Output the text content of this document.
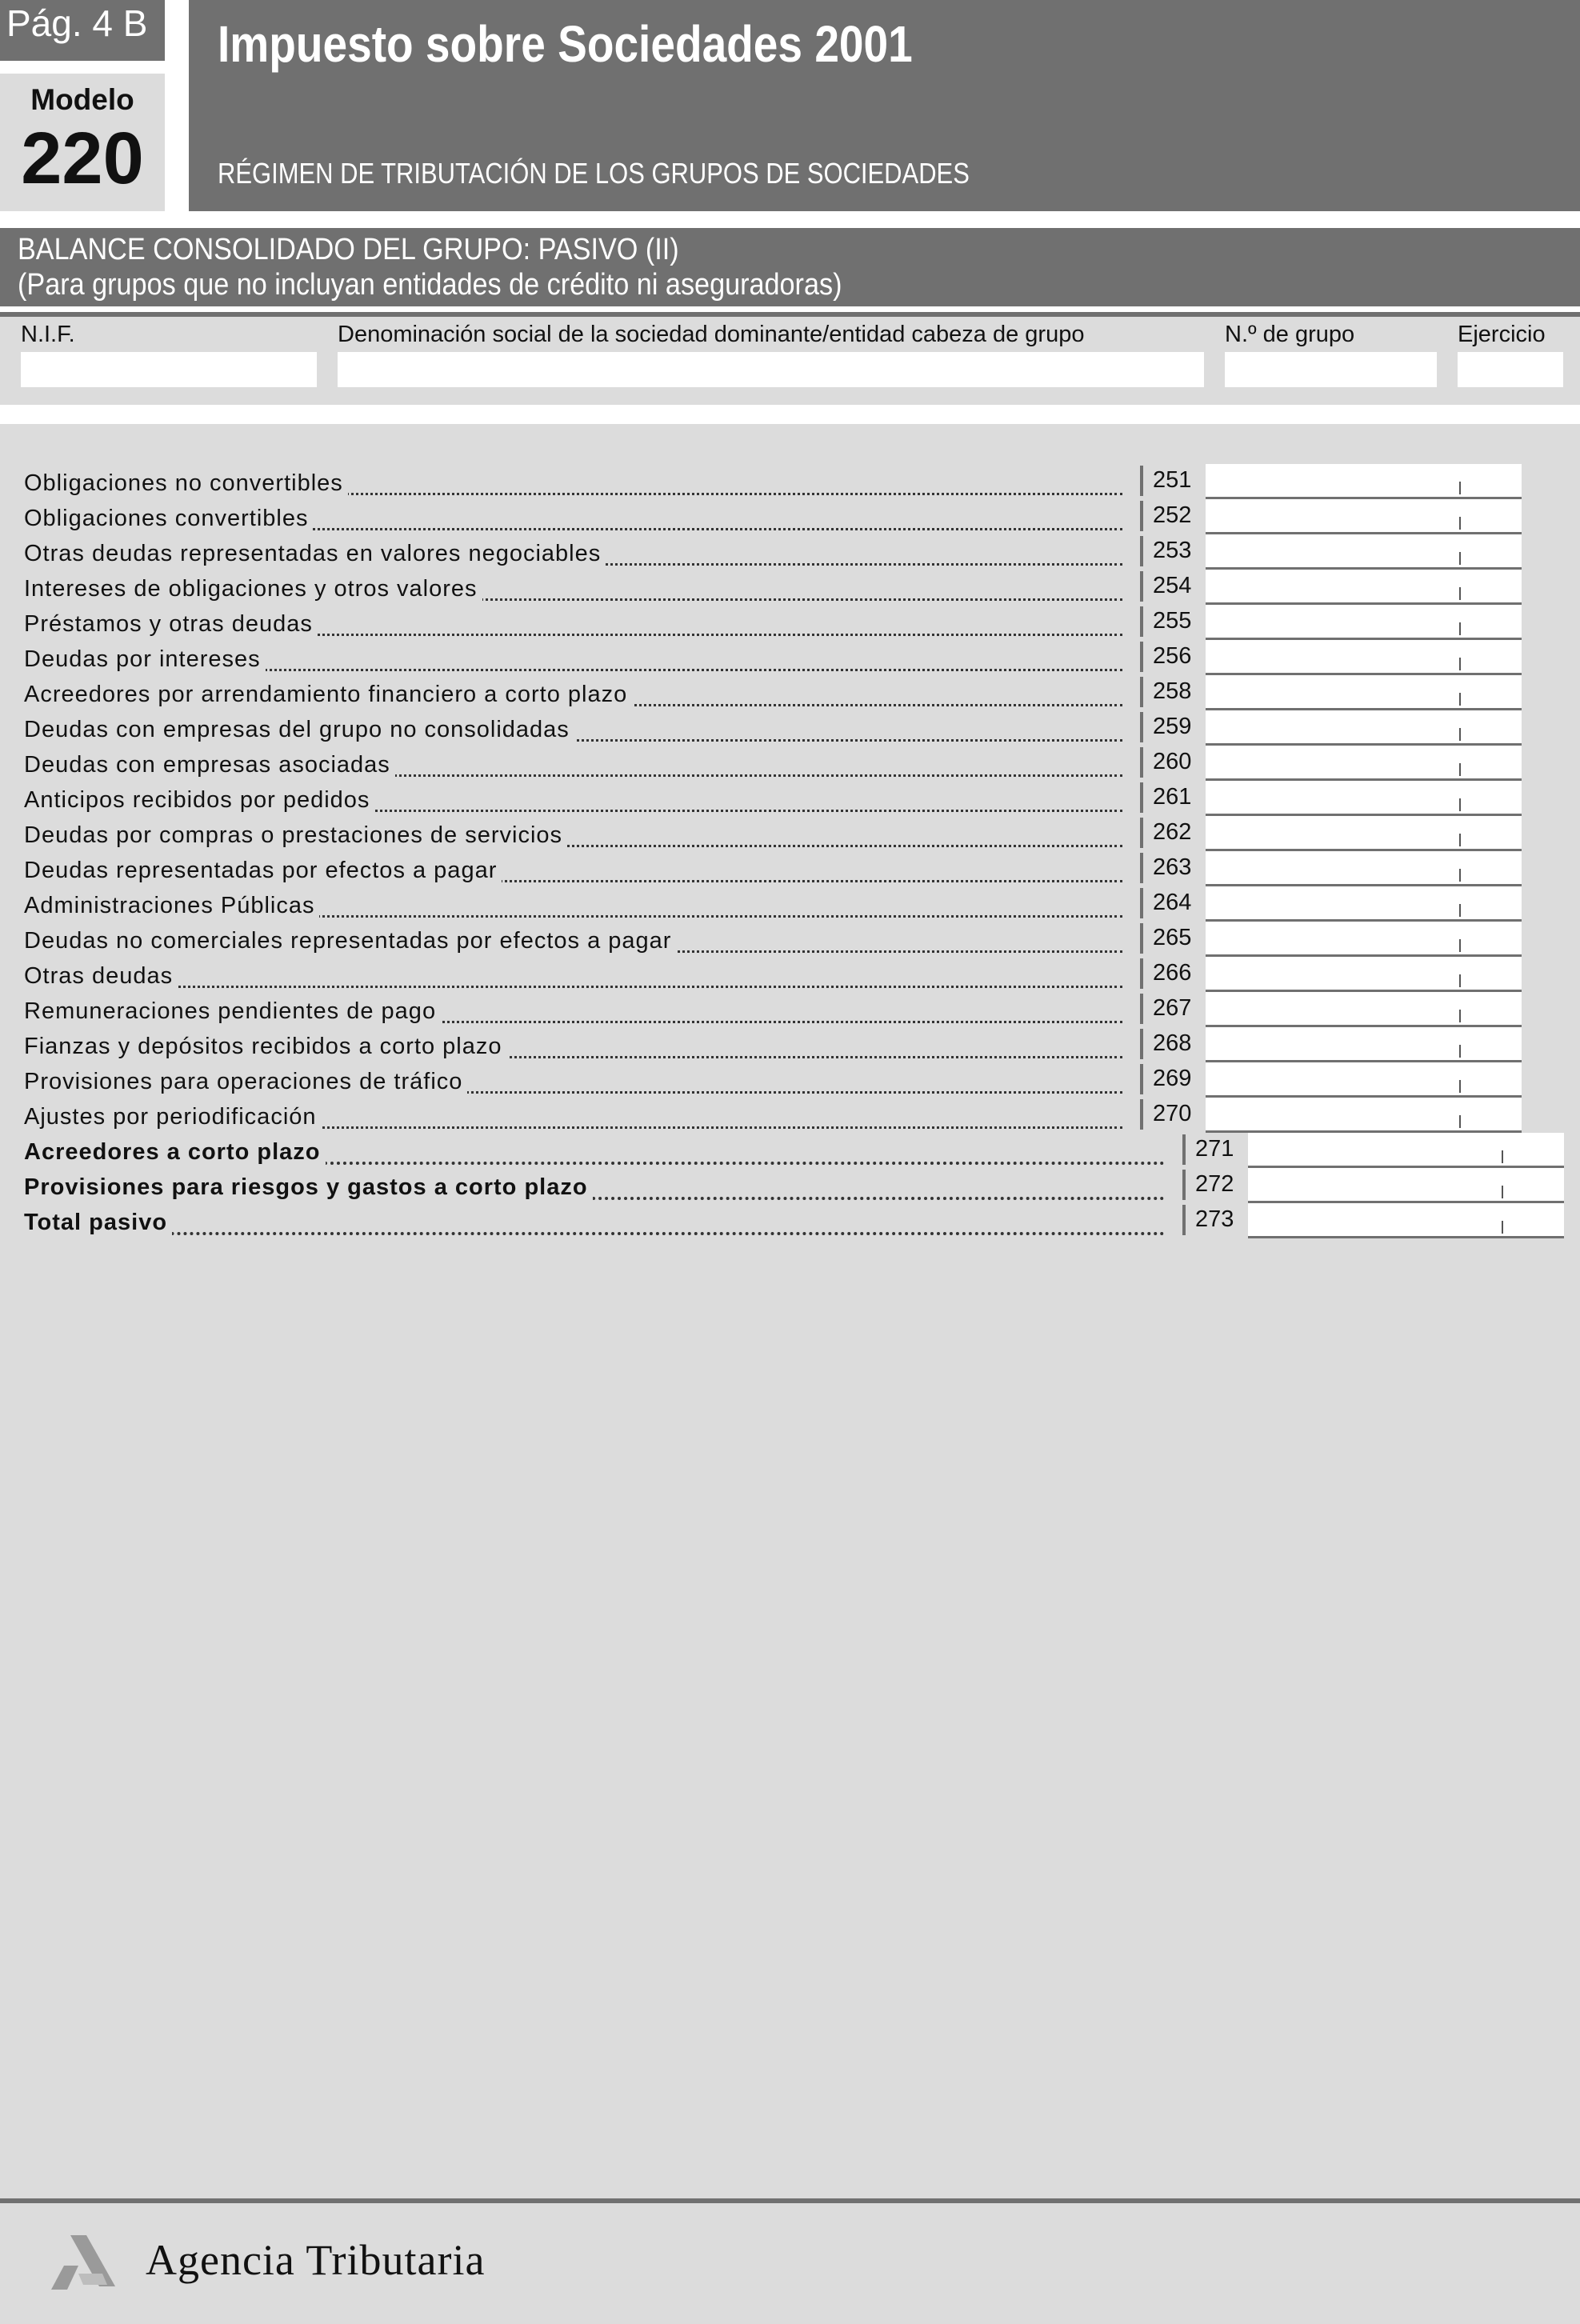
Pág. 4 B
Modelo
220
Impuesto sobre Sociedades 2001
RÉGIMEN DE TRIBUTACIÓN DE LOS GRUPOS DE SOCIEDADES
BALANCE CONSOLIDADO DEL GRUPO: PASIVO (II)
(Para grupos que no incluyan entidades de crédito ni aseguradoras)
N.I.F.	Denominación social de la sociedad dominante/entidad cabeza de grupo	N.º de grupo	Ejercicio
Obligaciones no convertibles	251
Obligaciones convertibles	252
Otras deudas representadas en valores negociables	253
Intereses de obligaciones y otros valores	254
Préstamos y otras deudas	255
Deudas por intereses	256
Acreedores por arrendamiento financiero a corto plazo	258
Deudas con empresas del grupo no consolidadas	259
Deudas con empresas asociadas	260
Anticipos recibidos por pedidos	261
Deudas por compras o prestaciones de servicios	262
Deudas representadas por efectos a pagar	263
Administraciones Públicas	264
Deudas no comerciales representadas por efectos a pagar	265
Otras deudas	266
Remuneraciones pendientes de pago	267
Fianzas y depósitos recibidos a corto plazo	268
Provisiones para operaciones de tráfico	269
Ajustes por periodificación	270
Acreedores a corto plazo	271
Provisiones para riesgos y gastos a corto plazo	272
Total pasivo	273
Agencia Tributaria
